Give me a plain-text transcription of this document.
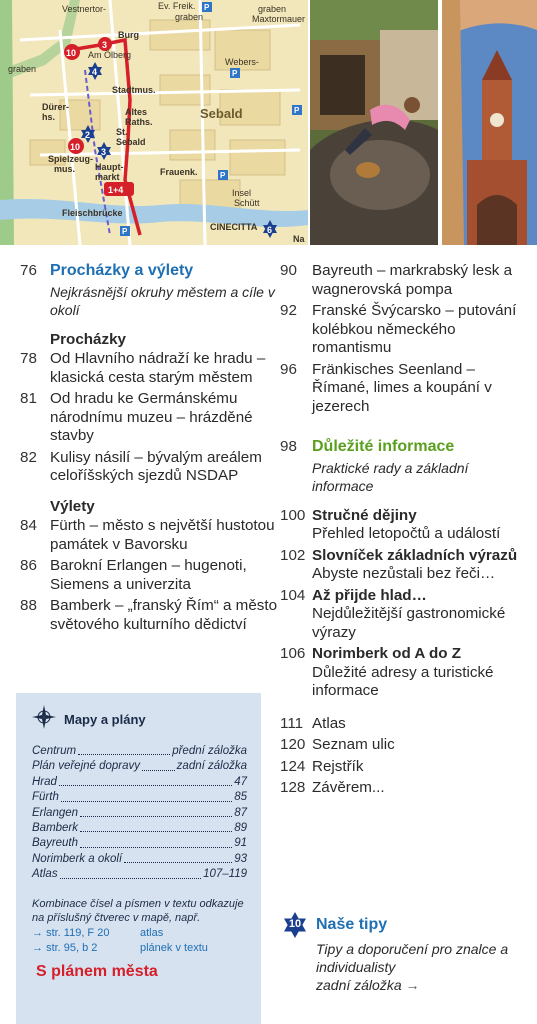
P
P
P
P
P
10
3
4
2
10 3
1+4
6
Vestnertor-
graben
Ev. Freik.
graben
graben
Maxtormauer
Burg
Am Ölberg
Webers-
Stadtmus.
Dürer-
hs.	Altes
Raths.
Sebald
St.
Sebald
Haupt-
markt	Frauenk.
Spielzeug-
mus.
Fleischbrücke
Insel
Schütt
CINECITTA
Na
76 Procházky a výlety
Nejkrásnější okruhy městem a cíle v okolí
Procházky
78 Od Hlavního nádraží ke hradu – klasická cesta starým městem
81 Od hradu ke Germánskému národnímu muzeu – hrázděné stavby
82 Kulisy násilí – bývalým areálem celoříšských sjezdů NSDAP
Výlety
84 Fürth – město s největší hustotou památek v Bavorsku
86 Barokní Erlangen – hugenoti, Siemens a univerzita
88 Bamberk – „franský Řím“ a město světového kulturního dědictví
90 Bayreuth – markrabský lesk a wagnerovská pompa
92 Franské Švýcarsko – putování kolébkou německého romantismu
96 Fränkisches Seenland – Římané, limes a koupání v jezerech
98 Důležité informace
Praktické rady a základní informace
100 Stručné dějiny
Přehled letopočtů a událostí
102 Slovníček základních výrazů
Abyste nezůstali bez řeči…
104 Až přijde hlad…
Nejdůležitější gastronomické výrazy
106 Norimberk od A do Z
Důležité adresy a turistické informace
111 Atlas
120 Seznam ulic
124 Rejstřík
128 Závěrem...
Mapy a plány
Centrum	přední záložka
Plán veřejné dopravy	zadní záložka
Hrad	47
Fürth	85
Erlangen	87
Bamberk	89
Bayreuth	91
Norimberk a okolí	93
Atlas	107–119
Kombinace čísel a písmen v textu odkazuje na příslušný čtverec v mapě, např.
→ str. 119, F 20	atlas
→ str. 95, b 2	plánek v textu
S plánem města
10 Naše tipy
Tipy a doporučení pro znalce a individualisty
zadní záložka →
